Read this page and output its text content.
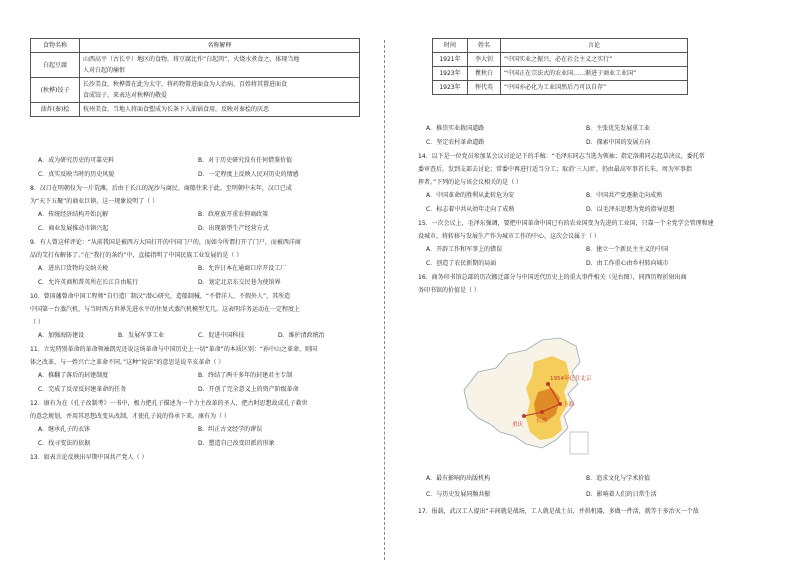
食物名称	名称解释
白起豆腐	山西高平（古长平）地区的食物，将豆腐比作“白起肉”，火烧水煮食之，体现当地
人对白起的痛恨

(秋桦)饺子	长沙美食，秋桦曾在此为太守，将药物置进面食为人治病，百姓将其置进面食
食成饺子，来表达对秋桦的敬爱

油炸(秦)桧	杭州美食，当地人将面食塑成为长条下入油锅食用，反映对秦桧的厌恶
A．成为研究历史的可靠史料	B．对于历史研究没有任何借鉴价值
C．真实反映当时的历史风貌	D．一定程度上反映人民对历史的情感
8．汉口在明朝仅为一片荒滩，后由于长江的泥沙与商民、商船往来于此。至明朝中末年，汉口已成
为“天下五聚”的商业巨镇。这一现象说明了（ ）
A．传统经济结构开始瓦解	B．政府放开重农抑商政策
C．商业发展推动市镇兴起	D．出现新型生产经营方式
9．有人曾这样评论：“从前我国是被西方大国打开的中国门户的，而如今所谓打开了门户，而被西洋商
品的艾打布解体了。”在“我打的条约”中，直接指明了中国民族工业发展的是（ ）
A．进出口货物均交纳关税	B．允许日本在通商口岸开设工厂
C．允许英商和普英所在长江自由航行	D．划定北京东交民巷为使馆界
10．曾国藩曾命中国工程师“自行造厂制汉”潜心研究，造船制械，“不借洋人，不假外人”，其所造
中国第一台蒸汽机，与当时西方世界先进水平的往复式蒸汽机模型无几。这表明洋务运动在一定程度上
（ ）
A．加强海防建设	B．发展军事工业	C．促进中国科技	D．维护清政统治
11．立宪特别革命的革命领袖凯宪还说这场革命与中国历史上一切“革命”的本质区别：“孙中山之革命，则国
体之改革，与一姓兴亡之革命不同。”这种“说法”的意思是说辛亥革命（ ）
A．推翻了落后的封建制度	B．终结了两千多年的封建君主专制
C．完成了反帝反封建革命的任务	D．开创了完全意义上的资产阶级革命
12．康有为在《孔子改制考》一书中，极力把孔子描述为一个力主改革的圣人，把古时思想故成孔子救世
的意念规划，并用其思想改变从改制，才使孔子说的得承下来。康有为（ ）
A．继承孔子的衣钵	B．纠正古文经学的谬误
C．找寻变法的依据	D．塑造自己改变旧派的形象
13．如表言论反映出早期中国共产党人（ ）
时间	姓名	言论
1921年	李大钊	“中国实业之振兴，必在社会主义之实行”
1923年	瞿秋白	“中国正在宗法式的农业国……渐进于商业工业国”
1923年	恽代英	“中国亦必化为工业国然后乃可以自存”
A．推崇实业救国道路	B．主张优先发展重工业
C．坚定农村革命道路	D．探索中国的发展方向
14．以下是一位党员参加某会议讨论记下的手稿：“毛泽东同志当选为领袖；指定洛甫同志起草决议，委托常
委审查后，发到支部去讨论；常委中再进行适当分工；取消‘三人团’，仍由最高军事首长朱、周为军事指
挥者。”下列的论与该会议相关的是（ ）
A．中国革命的胜利从此转危为安	B．中国共产党逐渐走向成熟
C．标志着中共从幼年走向了成熟	D．以毛泽东思想为党的指导思想
15．一次会议上，毛泽东强调，要把中国革命中国已有的农业国变为先进的工业国，只靠一个全党学会管理和建
设城市，将转移与发展生产作为城市工作的中心。这次会议属于（ ）
A．开辟工作和军事上的错误	B．建立一个新民主主义的中国
C．创造了农民新期的局面	D．由工作重心由乡村转向城市
16．商务印书馆总部的历次搬迁部分与中国近代历史上的重大事件相关（见右图），同西历程折射出商
务印书馆的价值是（ ）
A．最有影响的出版机构	B．追求文化与学术价值
C．与历史发展同频共振	D．影响着人们的日常生活
17．报载，武汉工人提出“丰间就是战场，工人就是战士员，并拱机器，多做一件活，就等于多治灭一个敌
1954年迁往北京
上海
长沙
重庆
